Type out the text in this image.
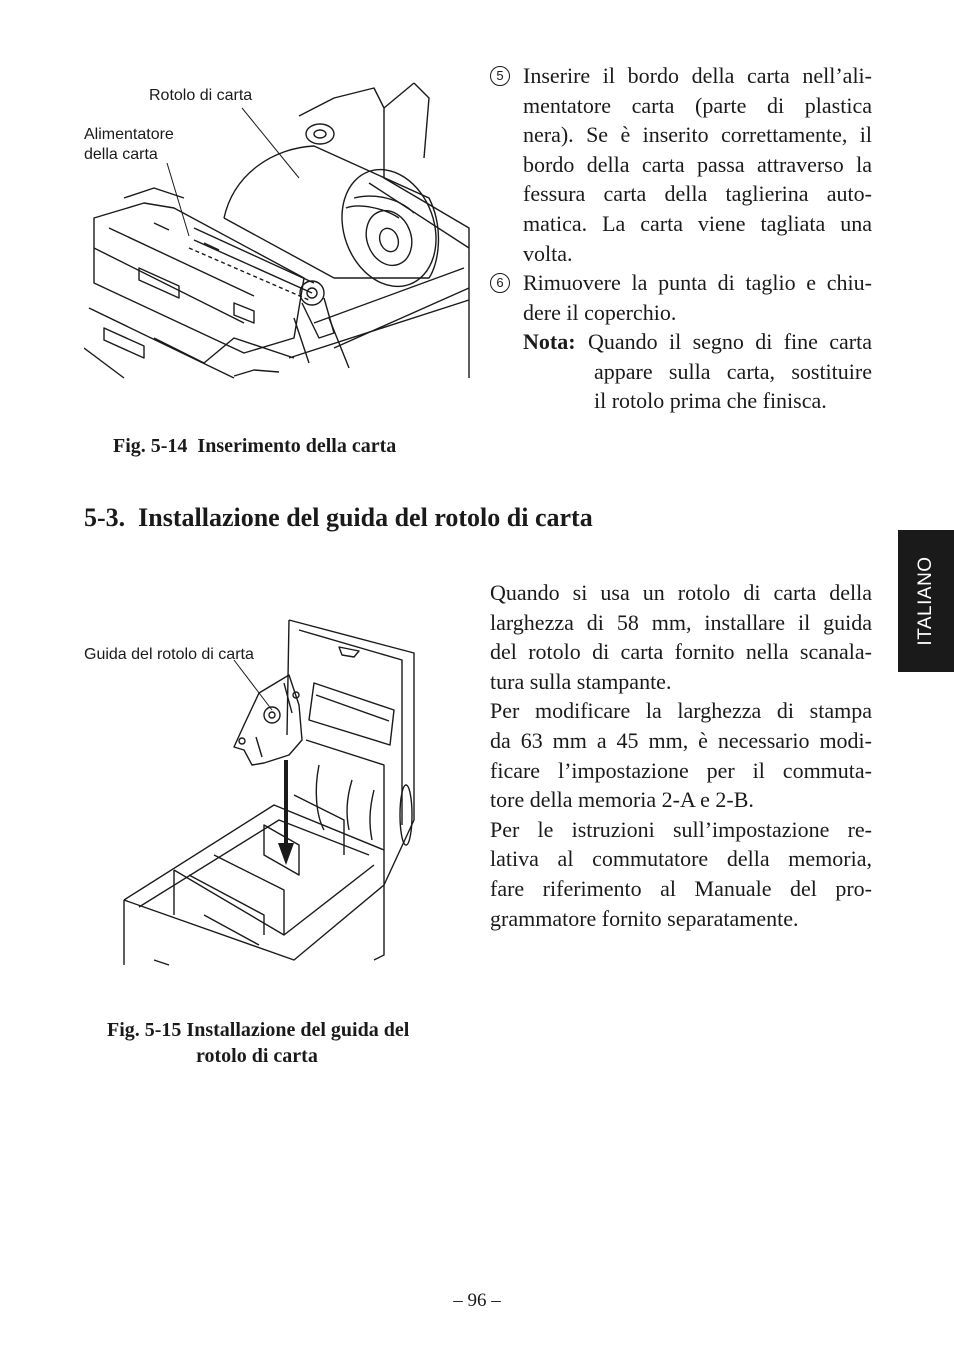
Rotolo di carta
Alimentatore
della carta
Fig. 5-14  Inserimento della carta
5 Inserire il bordo della carta nell’ali-
mentatore carta (parte di plastica
nera). Se è inserito correttamente, il
bordo della carta passa attraverso la
fessura carta della taglierina auto-
matica. La carta viene tagliata una
volta.
6 Rimuovere la punta di taglio e chiu-
dere il coperchio.
Nota: Quando il segno di fine carta
appare sulla carta, sostituire
il rotolo prima che finisca.
5-3.  Installazione del guida del rotolo di carta
ITALIANO
Guida del rotolo di carta
Fig. 5-15 Installazione del guida del
rotolo di carta
Quando si usa un rotolo di carta della
larghezza di 58 mm, installare il guida
del rotolo di carta fornito nella scanala-
tura sulla stampante.
Per modificare la larghezza di stampa
da 63 mm a 45 mm, è necessario modi-
ficare l’impostazione per il commuta-
tore della memoria 2-A e 2-B.
Per le istruzioni sull’impostazione re-
lativa al commutatore della memoria,
fare riferimento al Manuale del pro-
grammatore fornito separatamente.
– 96 –
